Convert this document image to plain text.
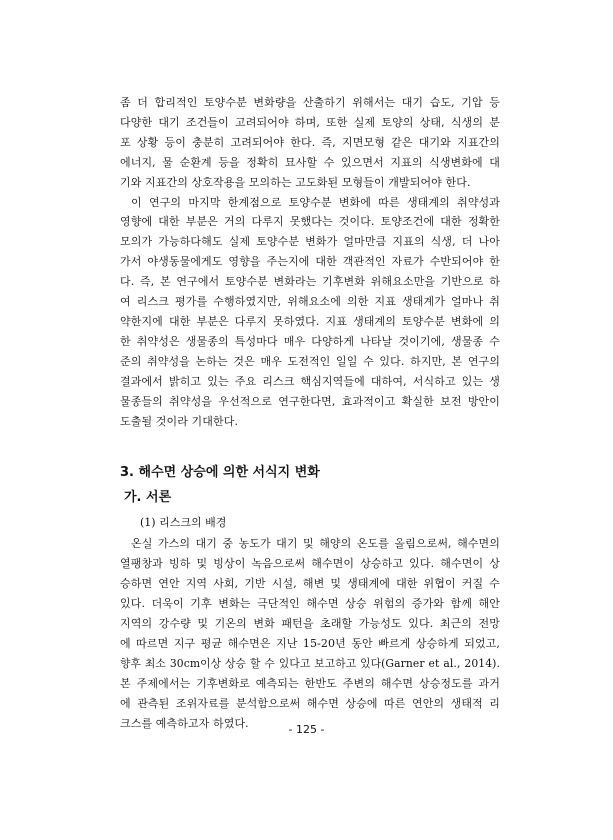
좀 더 합리적인 토양수분 변화량을 산출하기 위해서는 대기 습도, 기압 등
다양한 대기 조건들이 고려되어야 하며, 또한 실제 토양의 상태, 식생의 분
포 상황 등이 충분히 고려되어야 한다. 즉, 지면모형 같은 대기와 지표간의
에너지, 물 순환계 등을 정확히 묘사할 수 있으면서 지표의 식생변화에 대
기와 지표간의 상호작용을 모의하는 고도화된 모형들이 개발되어야 한다.
이 연구의 마지막 한계점으로 토양수분 변화에 따른 생태계의 취약성과
영향에 대한 부분은 거의 다루지 못했다는 것이다. 토양조건에 대한 정확한
모의가 가능하다해도 실제 토양수분 변화가 얼마만큼 지표의 식생, 더 나아
가서 야생동물에게도 영향을 주는지에 대한 객관적인 자료가 수반되어야 한
다. 즉, 본 연구에서 토양수분 변화라는 기후변화 위해요소만을 기반으로 하
여 리스크 평가를 수행하였지만, 위해요소에 의한 지표 생태계가 얼마나 취
약한지에 대한 부분은 다루지 못하였다. 지표 생태계의 토양수분 변화에 의
한 취약성은 생물종의 특성마다 매우 다양하게 나타날 것이기에, 생물종 수
준의 취약성을 논하는 것은 매우 도전적인 일일 수 있다. 하지만, 본 연구의
결과에서 밝히고 있는 주요 리스크 핵심지역들에 대하여, 서식하고 있는 생
물종들의 취약성을 우선적으로 연구한다면, 효과적이고 확실한 보전 방안이
도출될 것이라 기대한다.
3. 해수면 상승에 의한 서식지 변화
가. 서론
(1) 리스크의 배경
온실 가스의 대기 중 농도가 대기 및 해양의 온도를 올림으로써, 해수면의
열팽창과 빙하 및 빙상이 녹음으로써 해수면이 상승하고 있다. 해수면이 상
승하면 연안 지역 사회, 기반 시설, 해변 및 생태계에 대한 위협이 커질 수
있다. 더욱이 기후 변화는 극단적인 해수면 상승 위험의 증가와 함께 해안
지역의 강수량 및 기온의 변화 패턴을 초래할 가능성도 있다. 최근의 전망
에 따르면 지구 평균 해수면은 지난 15-20년 동안 빠르게 상승하게 되었고,
향후 최소 30cm이상 상승 할 수 있다고 보고하고 있다(Garner et al., 2014).
본 주제에서는 기후변화로 예측되는 한반도 주변의 해수면 상승정도를 과거
에 관측된 조위자료를 분석함으로써 해수면 상승에 따른 연안의 생태적 리
크스를 예측하고자 하였다.	- 125 -
